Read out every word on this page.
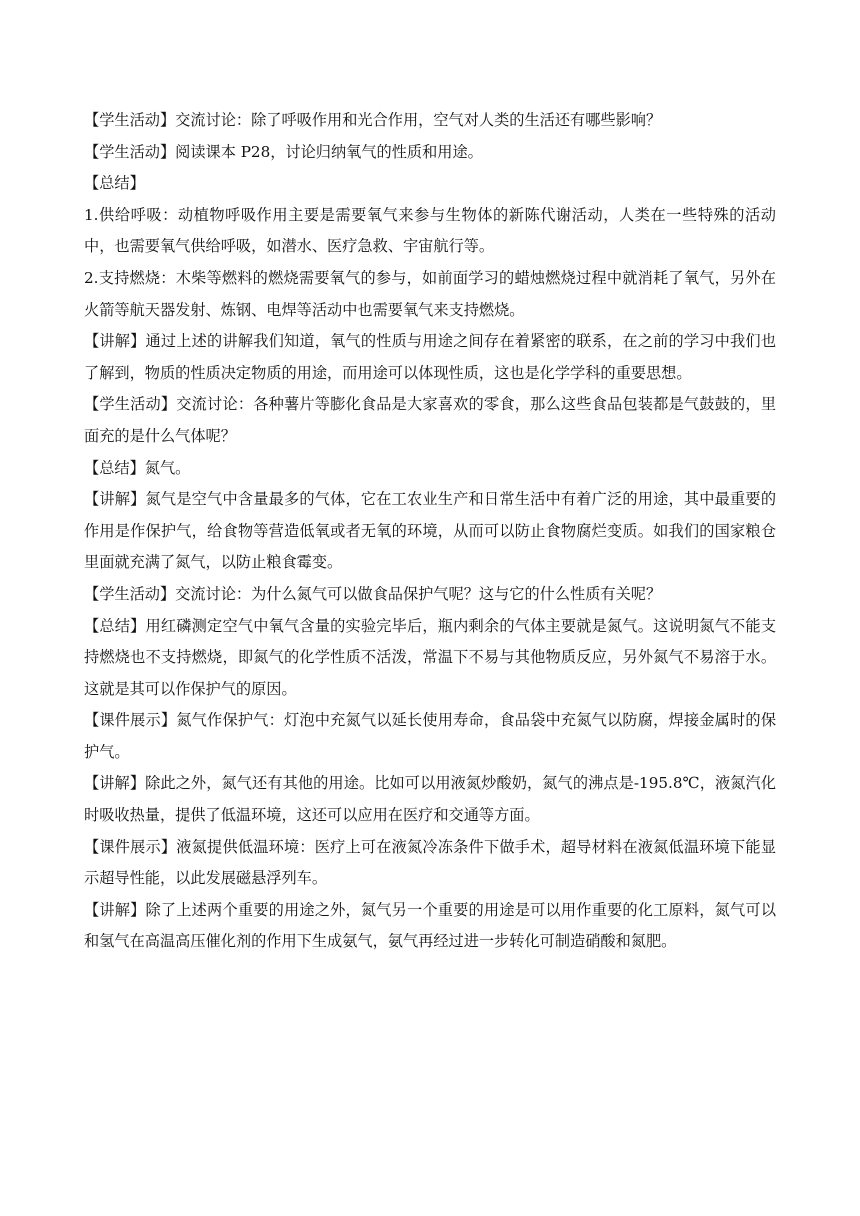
【学生活动】交流讨论：除了呼吸作用和光合作用，空气对人类的生活还有哪些影响？

【学生活动】阅读课本 P28，讨论归纳氧气的性质和用途。

【总结】

1.供给呼吸：动植物呼吸作用主要是需要氧气来参与生物体的新陈代谢活动，人类在一些特殊的活动中，也需要氧气供给呼吸，如潜水、医疗急救、宇宙航行等。

2.支持燃烧：木柴等燃料的燃烧需要氧气的参与，如前面学习的蜡烛燃烧过程中就消耗了氧气，另外在火箭等航天器发射、炼钢、电焊等活动中也需要氧气来支持燃烧。

【讲解】通过上述的讲解我们知道，氧气的性质与用途之间存在着紧密的联系，在之前的学习中我们也了解到，物质的性质决定物质的用途，而用途可以体现性质，这也是化学学科的重要思想。

【学生活动】交流讨论：各种薯片等膨化食品是大家喜欢的零食，那么这些食品包装都是气鼓鼓的，里面充的是什么气体呢？

【总结】氮气。

【讲解】氮气是空气中含量最多的气体，它在工农业生产和日常生活中有着广泛的用途，其中最重要的作用是作保护气，给食物等营造低氧或者无氧的环境，从而可以防止食物腐烂变质。如我们的国家粮仓里面就充满了氮气，以防止粮食霉变。

【学生活动】交流讨论：为什么氮气可以做食品保护气呢？这与它的什么性质有关呢？

【总结】用红磷测定空气中氧气含量的实验完毕后，瓶内剩余的气体主要就是氮气。这说明氮气不能支持燃烧也不支持燃烧，即氮气的化学性质不活泼，常温下不易与其他物质反应，另外氮气不易溶于水。这就是其可以作保护气的原因。

【课件展示】氮气作保护气：灯泡中充氮气以延长使用寿命，食品袋中充氮气以防腐，焊接金属时的保护气。

【讲解】除此之外，氮气还有其他的用途。比如可以用液氮炒酸奶，氮气的沸点是-195.8℃，液氮汽化时吸收热量，提供了低温环境，这还可以应用在医疗和交通等方面。

【课件展示】液氮提供低温环境：医疗上可在液氮冷冻条件下做手术，超导材料在液氮低温环境下能显示超导性能，以此发展磁悬浮列车。

【讲解】除了上述两个重要的用途之外，氮气另一个重要的用途是可以用作重要的化工原料，氮气可以和氢气在高温高压催化剂的作用下生成氨气，氨气再经过进一步转化可制造硝酸和氮肥。
